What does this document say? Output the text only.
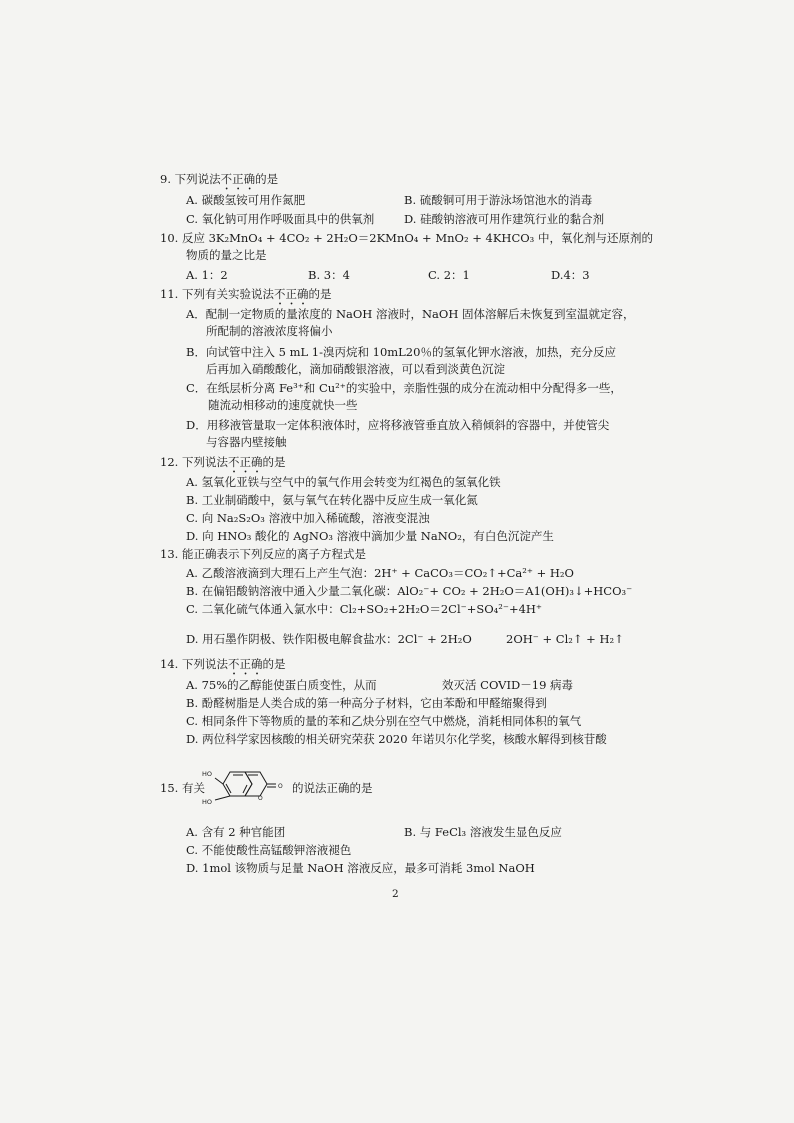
9. 下列说法不正确的是
A. 碳酸氢铵可用作氮肥	B. 硫酸铜可用于游泳场馆池水的消毒
C. 氧化钠可用作呼吸面具中的供氧剂	D. 硅酸钠溶液可用作建筑行业的黏合剂
10. 反应 3K₂MnO₄ + 4CO₂ + 2H₂O＝2KMnO₄ + MnO₂ + 4KHCO₃ 中，氧化剂与还原剂的
物质的量之比是
A. 1：2	B. 3：4	C. 2：1	D.4：3
11. 下列有关实验说法不正确的是
A．配制一定物质的量浓度的 NaOH 溶液时，NaOH 固体溶解后未恢复到室温就定容，
所配制的溶液浓度将偏小
B．向试管中注入 5 mL 1-溴丙烷和 10mL20％的氢氧化钾水溶液，加热，充分反应
后再加入硝酸酸化，滴加硝酸银溶液，可以看到淡黄色沉淀
C．在纸层析分离 Fe³⁺和 Cu²⁺的实验中，亲脂性强的成分在流动相中分配得多一些，
随流动相移动的速度就快一些
D．用移液管量取一定体积液体时，应将移液管垂直放入稍倾斜的容器中，并使管尖
与容器内壁接触
12. 下列说法不正确的是
A. 氢氧化亚铁与空气中的氧气作用会转变为红褐色的氢氧化铁
B. 工业制硝酸中，氨与氧气在转化器中反应生成一氧化氮
C. 向 Na₂S₂O₃ 溶液中加入稀硫酸，溶液变混浊
D. 向 HNO₃ 酸化的 AgNO₃ 溶液中滴加少量 NaNO₂，有白色沉淀产生
13. 能正确表示下列反应的离子方程式是
A. 乙酸溶液滴到大理石上产生气泡：2H⁺ + CaCO₃＝CO₂↑+Ca²⁺ + H₂O
B. 在偏铝酸钠溶液中通入少量二氧化碳：AlO₂⁻+ CO₂ + 2H₂O＝A1(OH)₃↓+HCO₃⁻
C. 二氧化硫气体通入氯水中：Cl₂+SO₂+2H₂O＝2Cl⁻+SO₄²⁻+4H⁺
D. 用石墨作阴极、铁作阳极电解食盐水：2Cl⁻ + 2H₂O	2OH⁻ + Cl₂↑ + H₂↑
14. 下列说法不正确的是
A. 75%的乙醇能使蛋白质变性，从而	效灭活 COVID－19 病毒
B. 酚醛树脂是人类合成的第一种高分子材料，它由苯酚和甲醛缩聚得到
C. 相同条件下等物质的量的苯和乙炔分别在空气中燃烧，消耗相同体积的氧气
D. 两位科学家因核酸的相关研究荣获 2020 年诺贝尔化学奖，核酸水解得到核苷酸
15. 有关
O
O
HO
HO
的说法正确的是
A. 含有 2 种官能团	B. 与 FeCl₃ 溶液发生显色反应
C. 不能使酸性高锰酸钾溶液褪色
D. 1mol 该物质与足量 NaOH 溶液反应，最多可消耗 3mol NaOH
2
